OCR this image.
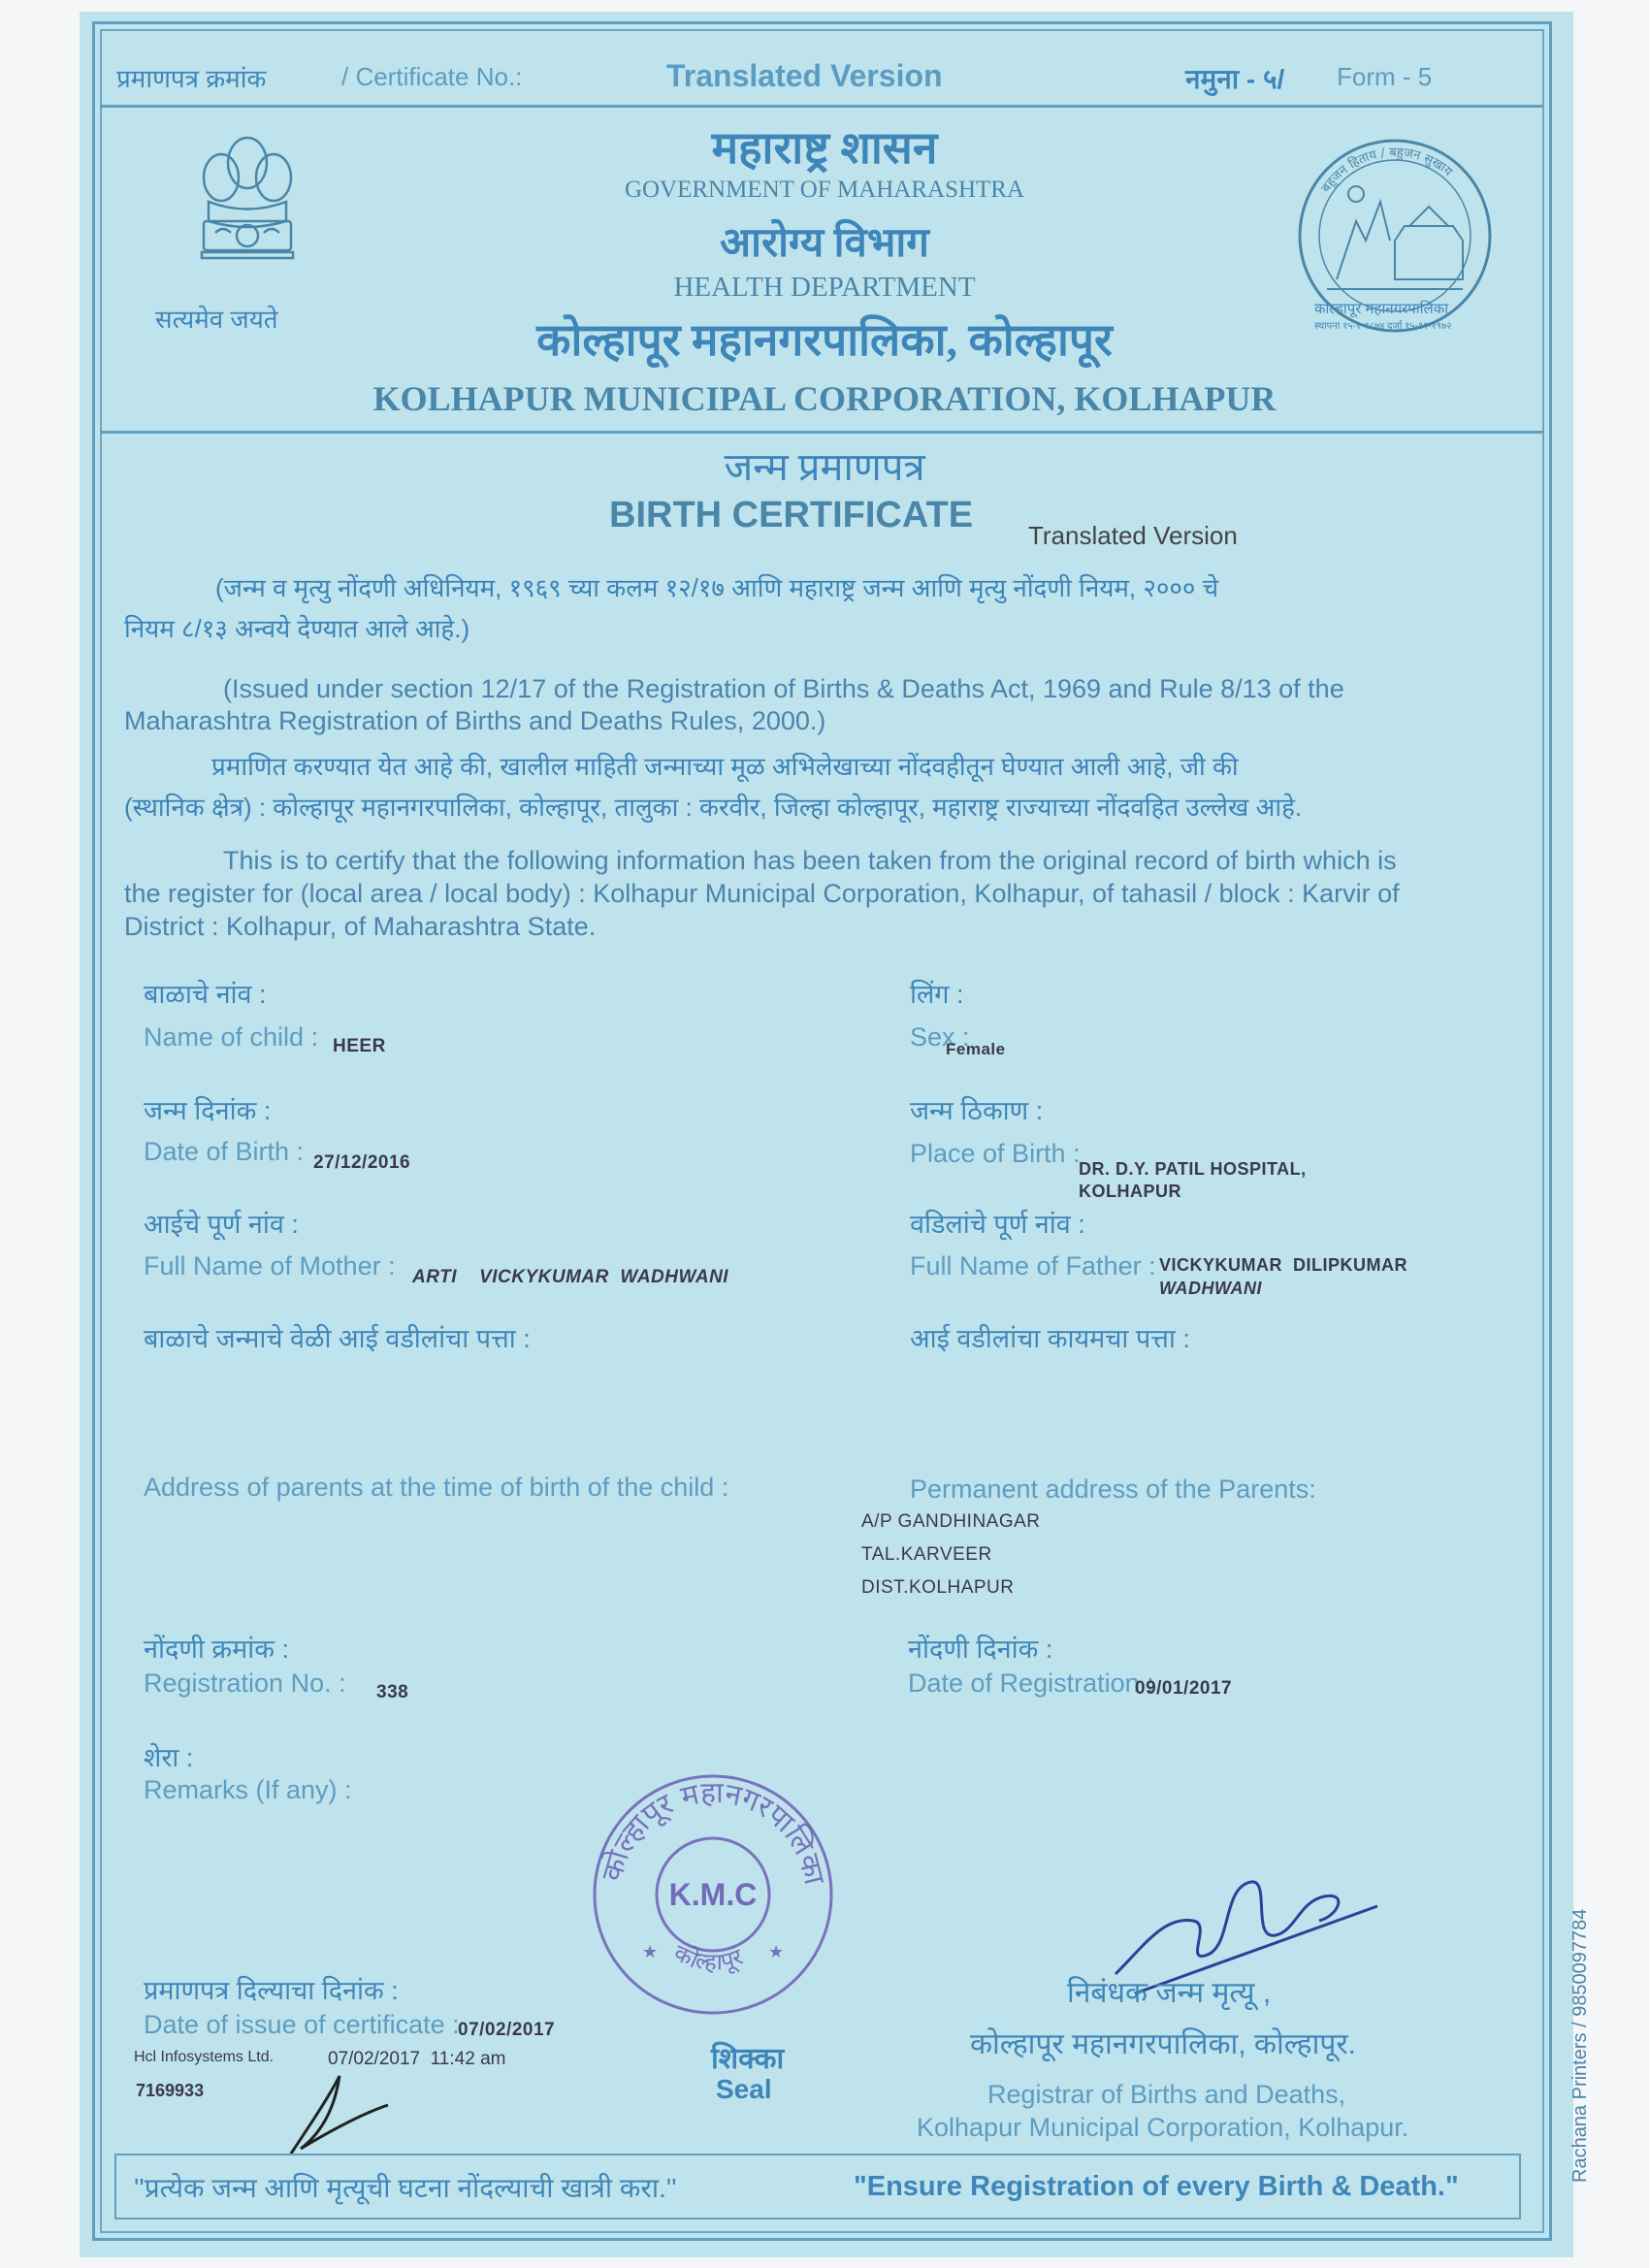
प्रमाणपत्र क्रमांक	/ Certificate No.:	Translated Version	नमुना - ५/ Form - 5
सत्यमेव जयते
बहुजन हिताय / बहुजन सुखाय
कोल्हापूर महानगरपालिका
स्थापना १५-१-१८७४ दर्जा १५-११-१९७२
महाराष्ट्र शासन
GOVERNMENT OF MAHARASHTRA
आरोग्य विभाग
HEALTH DEPARTMENT
कोल्हापूर महानगरपालिका, कोल्हापूर
KOLHAPUR MUNICIPAL CORPORATION, KOLHAPUR
जन्म प्रमाणपत्र
BIRTH CERTIFICATE Translated Version
(जन्म व मृत्यु नोंदणी अधिनियम, १९६९ च्या कलम १२/१७ आणि महाराष्ट्र जन्म आणि मृत्यु नोंदणी नियम, २००० चे
नियम ८/१३ अन्वये देण्यात आले आहे.)
(Issued under section 12/17 of the Registration of Births & Deaths Act, 1969 and Rule 8/13 of the
Maharashtra Registration of Births and Deaths Rules, 2000.)
प्रमाणित करण्यात येत आहे की, खालील माहिती जन्माच्या मूळ अभिलेखाच्या नोंदवहीतून घेण्यात आली आहे, जी की
(स्थानिक क्षेत्र) : कोल्हापूर महानगरपालिका, कोल्हापूर, तालुका : करवीर, जिल्हा कोल्हापूर, महाराष्ट्र राज्याच्या नोंदवहित उल्लेख आहे.
This is to certify that the following information has been taken from the original record of birth which is
the register for (local area / local body) : Kolhapur Municipal Corporation, Kolhapur, of tahasil / block : Karvir of
District : Kolhapur, of Maharashtra State.
बाळाचे नांव :
Name of child : HEER
जन्म दिनांक :
Date of Birth : 27/12/2016
आईचे पूर्ण नांव :
Full Name of Mother : ARTI    VICKYKUMAR  WADHWANI
बाळाचे जन्माचे वेळी आई वडीलांचा पत्ता :
Address of parents at the time of birth of the child :
नोंदणी क्रमांक :
Registration No. : 338
शेरा :
Remarks (If any) :
प्रमाणपत्र दिल्याचा दिनांक :
Date of issue of certificate :
07/02/2017
Hcl Infosystems Ltd.	07/02/2017  11:42 am
7169933
लिंग :
Sex :
Female
जन्म ठिकाण :
Place of Birth :
DR. D.Y. PATIL HOSPITAL,
KOLHAPUR
वडिलांचे पूर्ण नांव :
Full Name of Father : VICKYKUMAR  DILIPKUMAR
WADHWANI
आई वडीलांचा कायमचा पत्ता :
Permanent address of the Parents:
A/P GANDHINAGAR
TAL.KARVEER
DIST.KOLHAPUR
नोंदणी दिनांक :
Date of Registration :
09/01/2017
कोल्हापूर महानगरपालिका
कोल्हापूर
K.M.C
★	★
शिक्का
Seal
निबंधक जन्म मृत्यू ,
कोल्हापूर महानगरपालिका, कोल्हापूर.
Registrar of Births and Deaths,
Kolhapur Municipal Corporation, Kolhapur.
''प्रत्येक जन्म आणि मृत्यूची घटना नोंदल्याची खात्री करा.''	"Ensure Registration of every Birth & Death."
Rachana Printers / 9850097784
